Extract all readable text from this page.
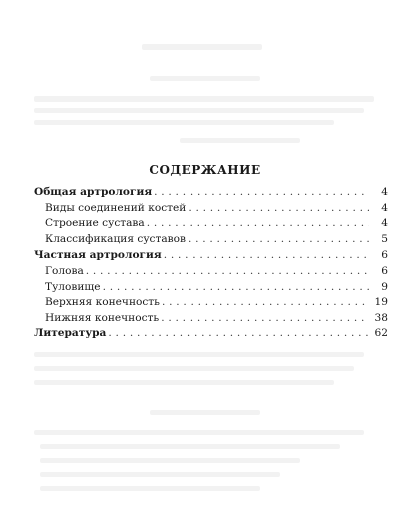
СОДЕРЖАНИЕ
Общая артрология . . .	4
Виды соединений костей . . .	4
Строение сустава . . .	4
Классификация суставов . . .	5
Частная артрология . . .	6
Голова . . .	6
Туловище . . .	9
Верхняя конечность . . .	19
Нижняя конечность . . .	38
Литература . . .	62
